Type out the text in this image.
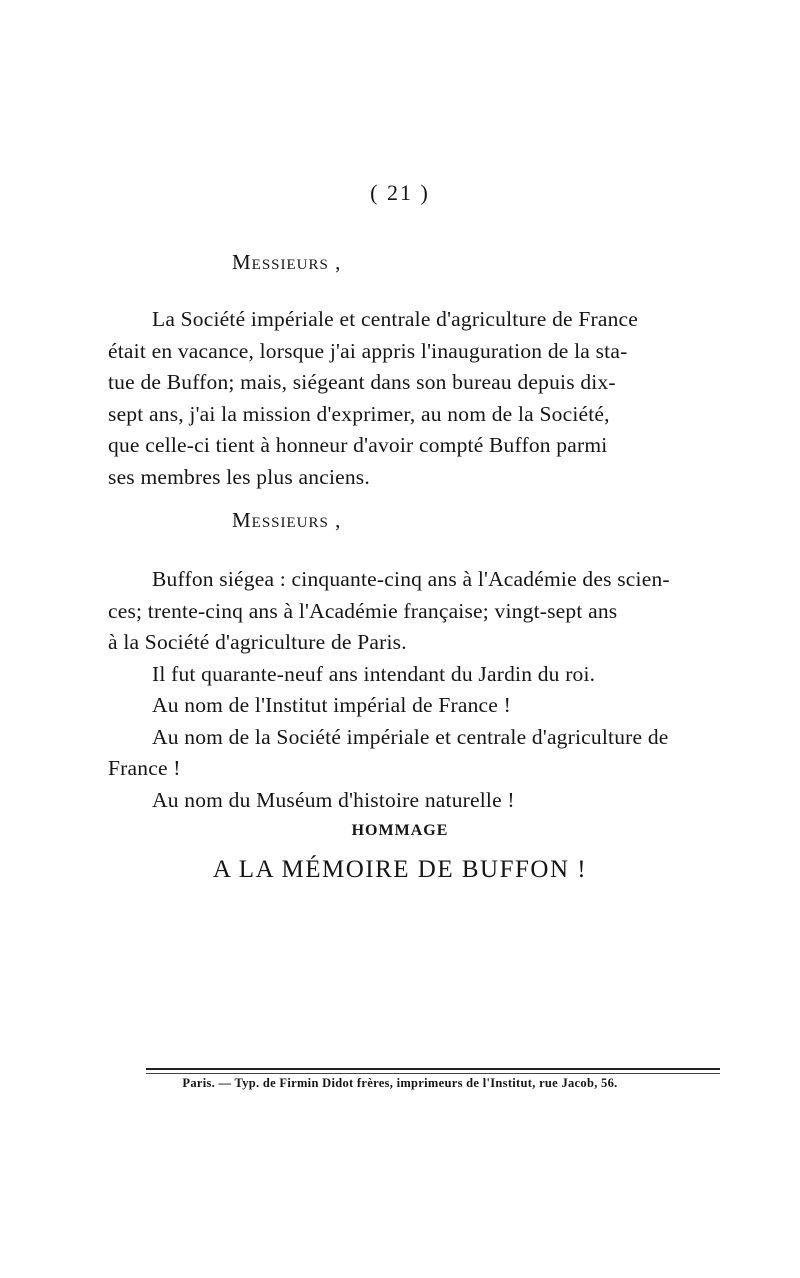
( 21 )
Messieurs ,
La Société impériale et centrale d'agriculture de France
était en vacance, lorsque j'ai appris l'inauguration de la sta-
tue de Buffon; mais, siégeant dans son bureau depuis dix-
sept ans, j'ai la mission d'exprimer, au nom de la Société,
que celle-ci tient à honneur d'avoir compté Buffon parmi
ses membres les plus anciens.
Messieurs ,
Buffon siégea : cinquante-cinq ans à l'Académie des scien-
ces; trente-cinq ans à l'Académie française; vingt-sept ans
à la Société d'agriculture de Paris.
Il fut quarante-neuf ans intendant du Jardin du roi.
Au nom de l'Institut impérial de France !
Au nom de la Société impériale et centrale d'agriculture de
France !
Au nom du Muséum d'histoire naturelle !
HOMMAGE
A LA MÉMOIRE DE BUFFON !
Paris. — Typ. de Firmin Didot frères, imprimeurs de l'Institut, rue Jacob, 56.
